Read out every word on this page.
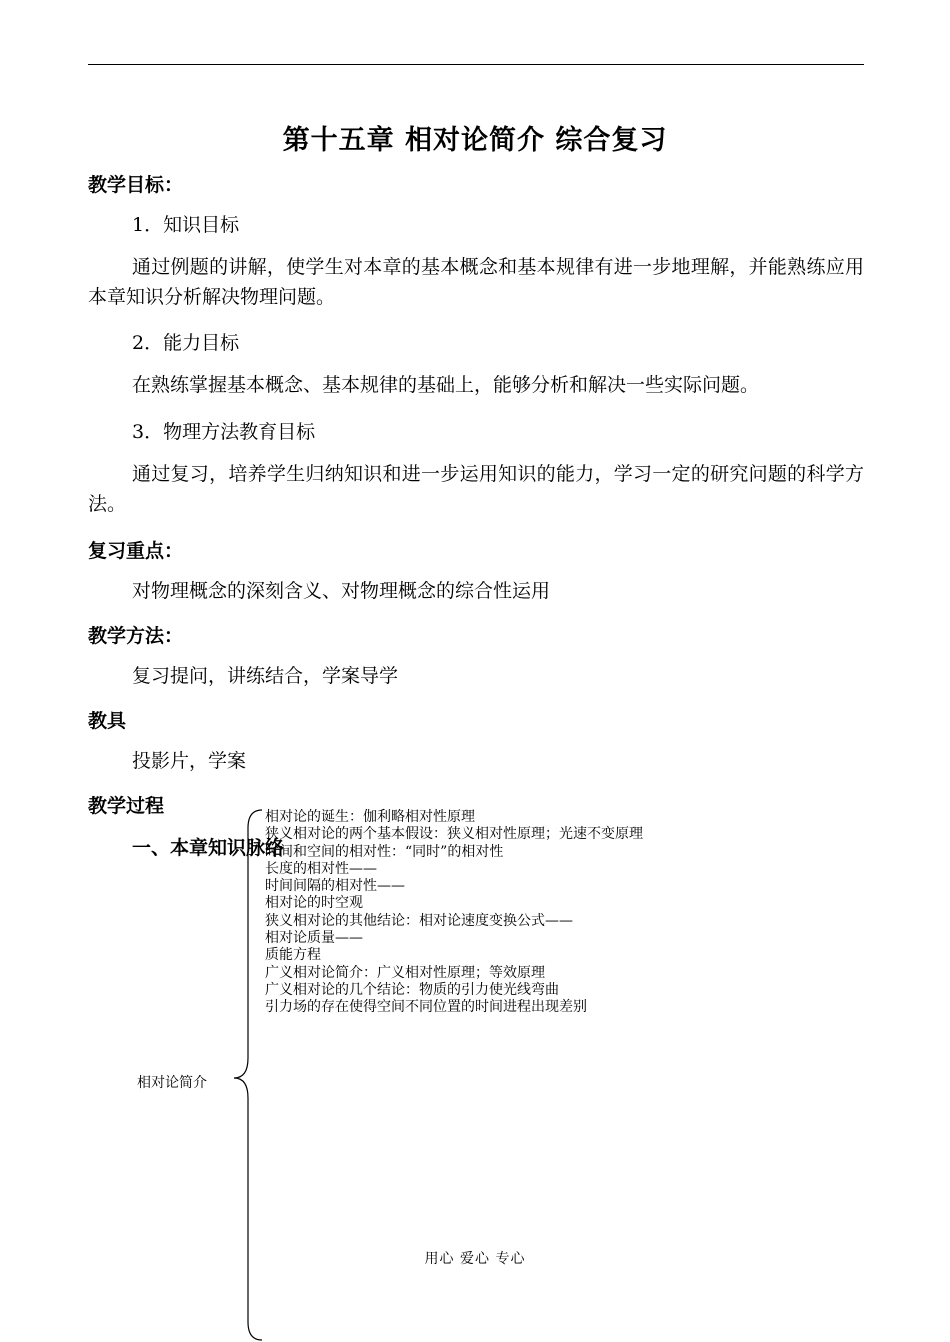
第十五章 相对论简介 综合复习
教学目标：
1．知识目标
通过例题的讲解，使学生对本章的基本概念和基本规律有进一步地理解，并能熟练应用本章知识分析解决物理问题。
2．能力目标
在熟练掌握基本概念、基本规律的基础上，能够分析和解决一些实际问题。
3．物理方法教育目标
通过复习，培养学生归纳知识和进一步运用知识的能力，学习一定的研究问题的科学方法。
复习重点：
对物理概念的深刻含义、对物理概念的综合性运用
教学方法：
复习提问，讲练结合，学案导学
教具
投影片，学案
教学过程
一、本章知识脉络
相对论简介
相对论的诞生：伽利略相对性原理
狭义相对论的两个基本假设：狭义相对性原理；光速不变原理
时间和空间的相对性：“同时”的相对性
长度的相对性——
时间间隔的相对性——
相对论的时空观
狭义相对论的其他结论：相对论速度变换公式——
相对论质量——
质能方程
广义相对论简介：广义相对性原理；等效原理
广义相对论的几个结论：物质的引力使光线弯曲
引力场的存在使得空间不同位置的时间进程出现差别
用心 爱心 专心
